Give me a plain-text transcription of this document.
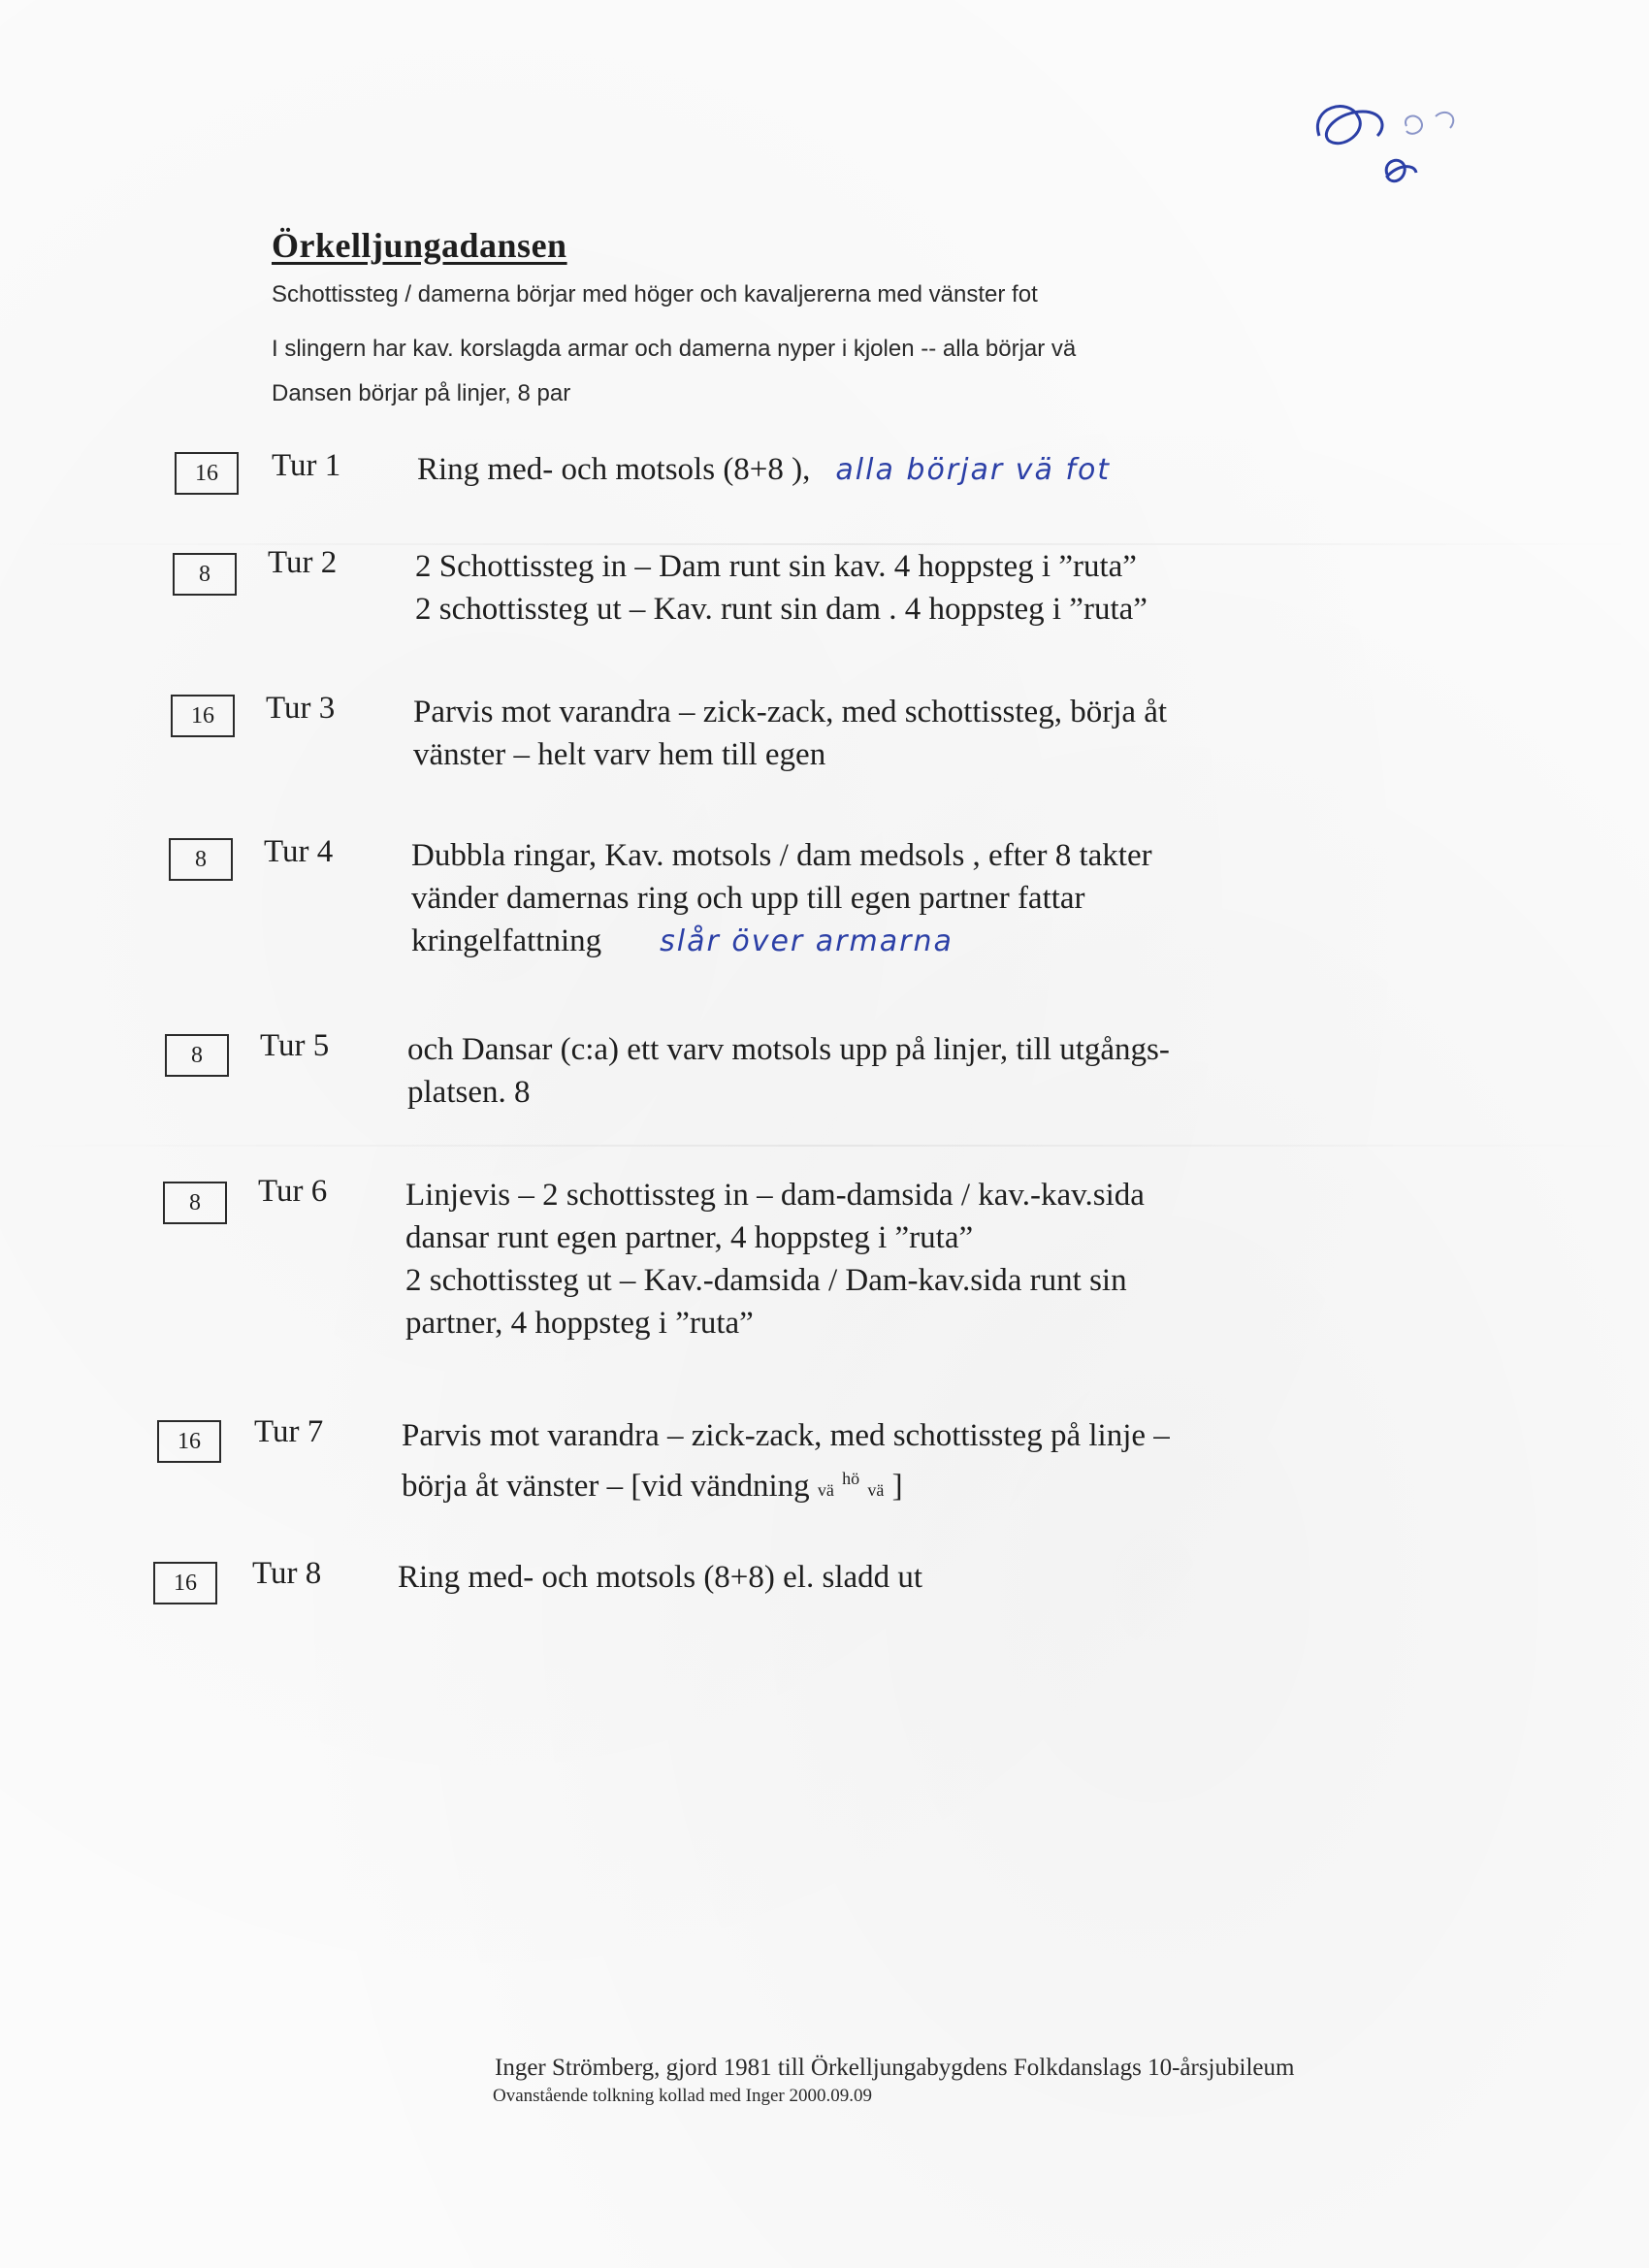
Örkelljungadansen

Schottissteg / damerna börjar med höger och kavaljererna med vänster fot

I slingern har kav. korslagda armar och damerna nyper i kjolen -- alla börjar vä

Dansen börjar på linjer, 8 par

16	Tur 1 Ring med- och motsols (8+8 ), alla börjar vä fot

8	Tur 2 2 Schottissteg in – Dam runt sin kav. 4 hoppsteg i ”ruta”
2 schottissteg ut – Kav. runt sin dam . 4 hoppsteg i ”ruta”

16	Tur 3 Parvis mot varandra – zick-zack, med schottissteg, börja åt
vänster – helt varv hem till egen

8	Tur 4 Dubbla ringar, Kav. motsols / dam medsols , efter 8 takter
vänder damernas ring och upp till egen partner fattar
kringelfattning slår över armarna

8	Tur 5 och Dansar (c:a) ett varv motsols upp på linjer, till utgångs-
platsen. 8

8	Tur 6 Linjevis – 2 schottissteg in – dam-damsida / kav.-kav.sida
dansar runt egen partner, 4 hoppsteg i ”ruta”
2 schottissteg ut – Kav.-damsida / Dam-kav.sida runt sin
partner, 4 hoppsteg i ”ruta”

16	Tur 7 Parvis mot varandra – zick-zack, med schottissteg på linje –
börja åt vänster – [vid vändning vä $^{hö}$ vä ]

16	Tur 8 Ring med- och motsols (8+8) el. sladd ut

Inger Strömberg, gjord 1981 till Örkelljungabygdens Folkdanslags 10-årsjubileum

Ovanstående tolkning kollad med Inger 2000.09.09
